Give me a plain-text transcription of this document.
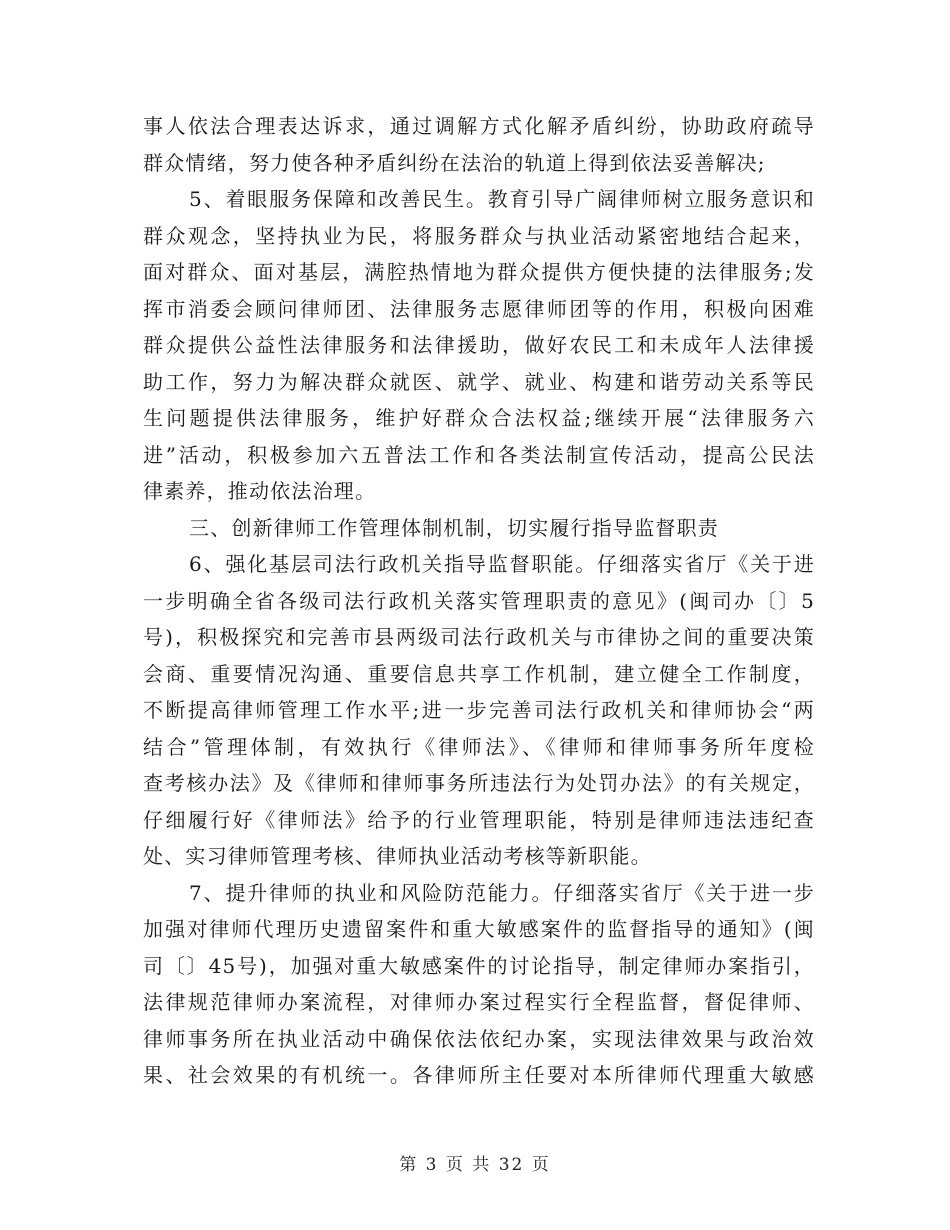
事人依法合理表达诉求，通过调解方式化解矛盾纠纷，协助政府疏导
群众情绪，努力使各种矛盾纠纷在法治的轨道上得到依法妥善解决;
5、着眼服务保障和改善民生。教育引导广阔律师树立服务意识和
群众观念，坚持执业为民，将服务群众与执业活动紧密地结合起来，
面对群众、面对基层，满腔热情地为群众提供方便快捷的法律服务;发
挥市消委会顾问律师团、法律服务志愿律师团等的作用，积极向困难
群众提供公益性法律服务和法律援助，做好农民工和未成年人法律援
助工作，努力为解决群众就医、就学、就业、构建和谐劳动关系等民
生问题提供法律服务，维护好群众合法权益;继续开展“法律服务六
进”活动，积极参加六五普法工作和各类法制宣传活动，提高公民法
律素养，推动依法治理。
三、创新律师工作管理体制机制，切实履行指导监督职责
6、强化基层司法行政机关指导监督职能。仔细落实省厅《关于进
一步明确全省各级司法行政机关落实管理职责的意见》(闽司办〔〕5
号)，积极探究和完善市县两级司法行政机关与市律协之间的重要决策
会商、重要情况沟通、重要信息共享工作机制，建立健全工作制度，
不断提高律师管理工作水平;进一步完善司法行政机关和律师协会“两
结合”管理体制，有效执行《律师法》、《律师和律师事务所年度检
查考核办法》及《律师和律师事务所违法行为处罚办法》的有关规定，
仔细履行好《律师法》给予的行业管理职能，特别是律师违法违纪查
处、实习律师管理考核、律师执业活动考核等新职能。
7、提升律师的执业和风险防范能力。仔细落实省厅《关于进一步
加强对律师代理历史遗留案件和重大敏感案件的监督指导的通知》(闽
司〔〕45号)，加强对重大敏感案件的讨论指导，制定律师办案指引，
法律规范律师办案流程，对律师办案过程实行全程监督，督促律师、
律师事务所在执业活动中确保依法依纪办案，实现法律效果与政治效
果、社会效果的有机统一。各律师所主任要对本所律师代理重大敏感
第 3 页 共 32 页
